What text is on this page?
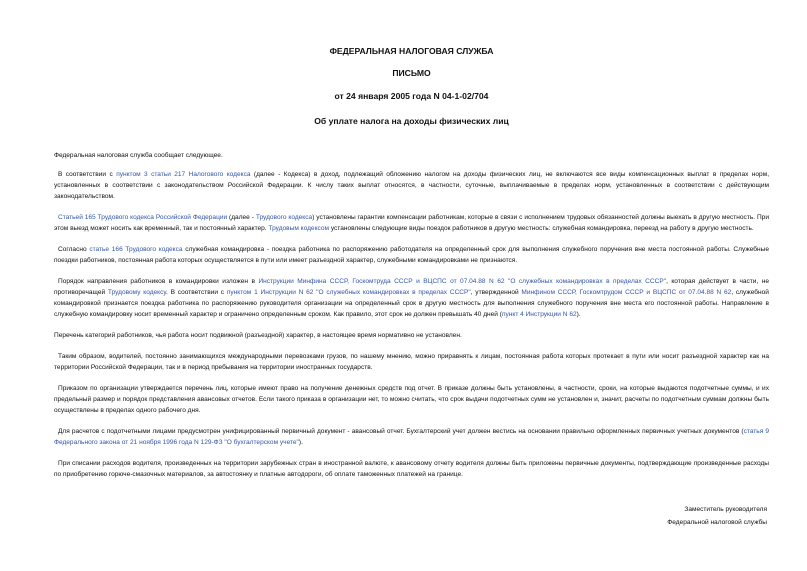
ФЕДЕРАЛЬНАЯ НАЛОГОВАЯ СЛУЖБА

ПИСЬМО

от 24 января 2005 года N 04-1-02/704

Об уплате налога на доходы физических лиц

Федеральная налоговая служба сообщает следующее.

В соответствии с пунктом 3 статьи 217 Налогового кодекса (далее - Кодекса) в доход, подлежащий обложению налогом на доходы физических лиц, не включаются все виды компенсационных выплат в пределах норм, установленных в соответствии с законодательством Российской Федерации. К числу таких выплат относятся, в частности, суточные, выплачиваемые в пределах норм, установленных в соответствии с действующим законодательством.

Статьей 165 Трудового кодекса Российской Федерации (далее - Трудового кодекса) установлены гарантии компенсации работникам, которые в связи с исполнением трудовых обязанностей должны выехать в другую местность. При этом выезд может носить как временный, так и постоянный характер. Трудовым кодексом установлены следующие виды поездок работников в другую местность: служебная командировка, переезд на работу в другую местность.

Согласно статье 166 Трудового кодекса служебная командировка - поездка работника по распоряжению работодателя на определенный срок для выполнения служебного поручения вне места постоянной работы. Служебные поездки работников, постоянная работа которых осуществляется в пути или имеет разъездной характер, служебными командировками не признаются.

Порядок направления работников в командировки изложен в Инструкции Минфина СССР, Госкомтруда СССР и ВЦСПС от 07.04.88 N 62 "О служебных командировках в пределах СССР", которая действует в части, не противоречащей Трудовому кодексу. В соответствии с пунктом 1 Инструкции N 62 "О служебных командировках в пределах СССР", утвержденной Минфином СССР, Госкомтрудом СССР и ВЦСПС от 07.04.88 N 62, служебной командировкой признается поездка работника по распоряжению руководителя организации на определенный срок в другую местность для выполнения служебного поручения вне места его постоянной работы. Направление в служебную командировку носит временный характер и ограничено определенным сроком. Как правило, этот срок не должен превышать 40 дней (пункт 4 Инструкции N 62).

Перечень категорий работников, чья работа носит подвижной (разъездной) характер, в настоящее время нормативно не установлен.

Таким образом, водителей, постоянно занимающихся международными перевозками грузов, по нашему мнению, можно приравнять к лицам, постоянная работа которых протекает в пути или носит разъездной характер как на территории Российской Федерации, так и в период пребывания на территории иностранных государств.

Приказом по организации утверждается перечень лиц, которые имеют право на получение денежных средств под отчет. В приказе должны быть установлены, в частности, сроки, на которые выдаются подотчетные суммы, и их предельный размер и порядок представления авансовых отчетов. Если такого приказа в организации нет, то можно считать, что срок выдачи подотчетных сумм не установлен и, значит, расчеты по подотчетным суммам должны быть осуществлены в пределах одного рабочего дня.

Для расчетов с подотчетными лицами предусмотрен унифицированный первичный документ - авансовый отчет. Бухгалтерский учет должен вестись на основании правильно оформленных первичных учетных документов (статья 9 Федерального закона от 21 ноября 1996 года N 129-ФЗ "О бухгалтерском учете").

При списании расходов водителя, произведенных на территории зарубежных стран в иностранной валюте, к авансовому отчету водителя должны быть приложены первичные документы, подтверждающие произведенные расходы по приобретению горюче-смазочных материалов, за автостоянку и платные автодороги, об оплате таможенных платежей на границе.

Заместитель руководителя
Федеральной налоговой службы
